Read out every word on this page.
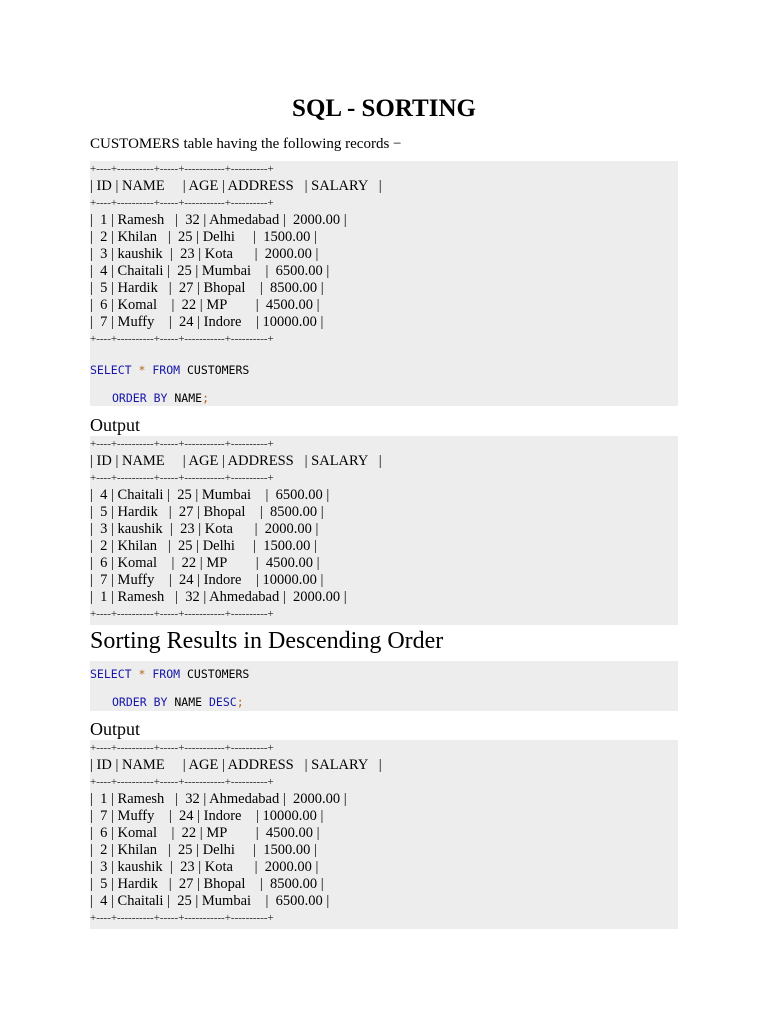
SQL - SORTING
CUSTOMERS table having the following records −
+----+----------+-----+-----------+----------+
| ID | NAME     | AGE | ADDRESS   | SALARY   |
+----+----------+-----+-----------+----------+
|  1 | Ramesh   |  32 | Ahmedabad |  2000.00 |
|  2 | Khilan   |  25 | Delhi     |  1500.00 |
|  3 | kaushik  |  23 | Kota      |  2000.00 |
|  4 | Chaitali |  25 | Mumbai    |  6500.00 |
|  5 | Hardik   |  27 | Bhopal    |  8500.00 |
|  6 | Komal    |  22 | MP        |  4500.00 |
|  7 | Muffy    |  24 | Indore    | 10000.00 |
+----+----------+-----+-----------+----------+
SELECT * FROM CUSTOMERS
ORDER BY NAME;
Output
+----+----------+-----+-----------+----------+
| ID | NAME     | AGE | ADDRESS   | SALARY   |
+----+----------+-----+-----------+----------+
|  4 | Chaitali |  25 | Mumbai    |  6500.00 |
|  5 | Hardik   |  27 | Bhopal    |  8500.00 |
|  3 | kaushik  |  23 | Kota      |  2000.00 |
|  2 | Khilan   |  25 | Delhi     |  1500.00 |
|  6 | Komal    |  22 | MP        |  4500.00 |
|  7 | Muffy    |  24 | Indore    | 10000.00 |
|  1 | Ramesh   |  32 | Ahmedabad |  2000.00 |
+----+----------+-----+-----------+----------+
Sorting Results in Descending Order
SELECT * FROM CUSTOMERS
ORDER BY NAME DESC;
Output
+----+----------+-----+-----------+----------+
| ID | NAME     | AGE | ADDRESS   | SALARY   |
+----+----------+-----+-----------+----------+
|  1 | Ramesh   |  32 | Ahmedabad |  2000.00 |
|  7 | Muffy    |  24 | Indore    | 10000.00 |
|  6 | Komal    |  22 | MP        |  4500.00 |
|  2 | Khilan   |  25 | Delhi     |  1500.00 |
|  3 | kaushik  |  23 | Kota      |  2000.00 |
|  5 | Hardik   |  27 | Bhopal    |  8500.00 |
|  4 | Chaitali |  25 | Mumbai    |  6500.00 |
+----+----------+-----+-----------+----------+
